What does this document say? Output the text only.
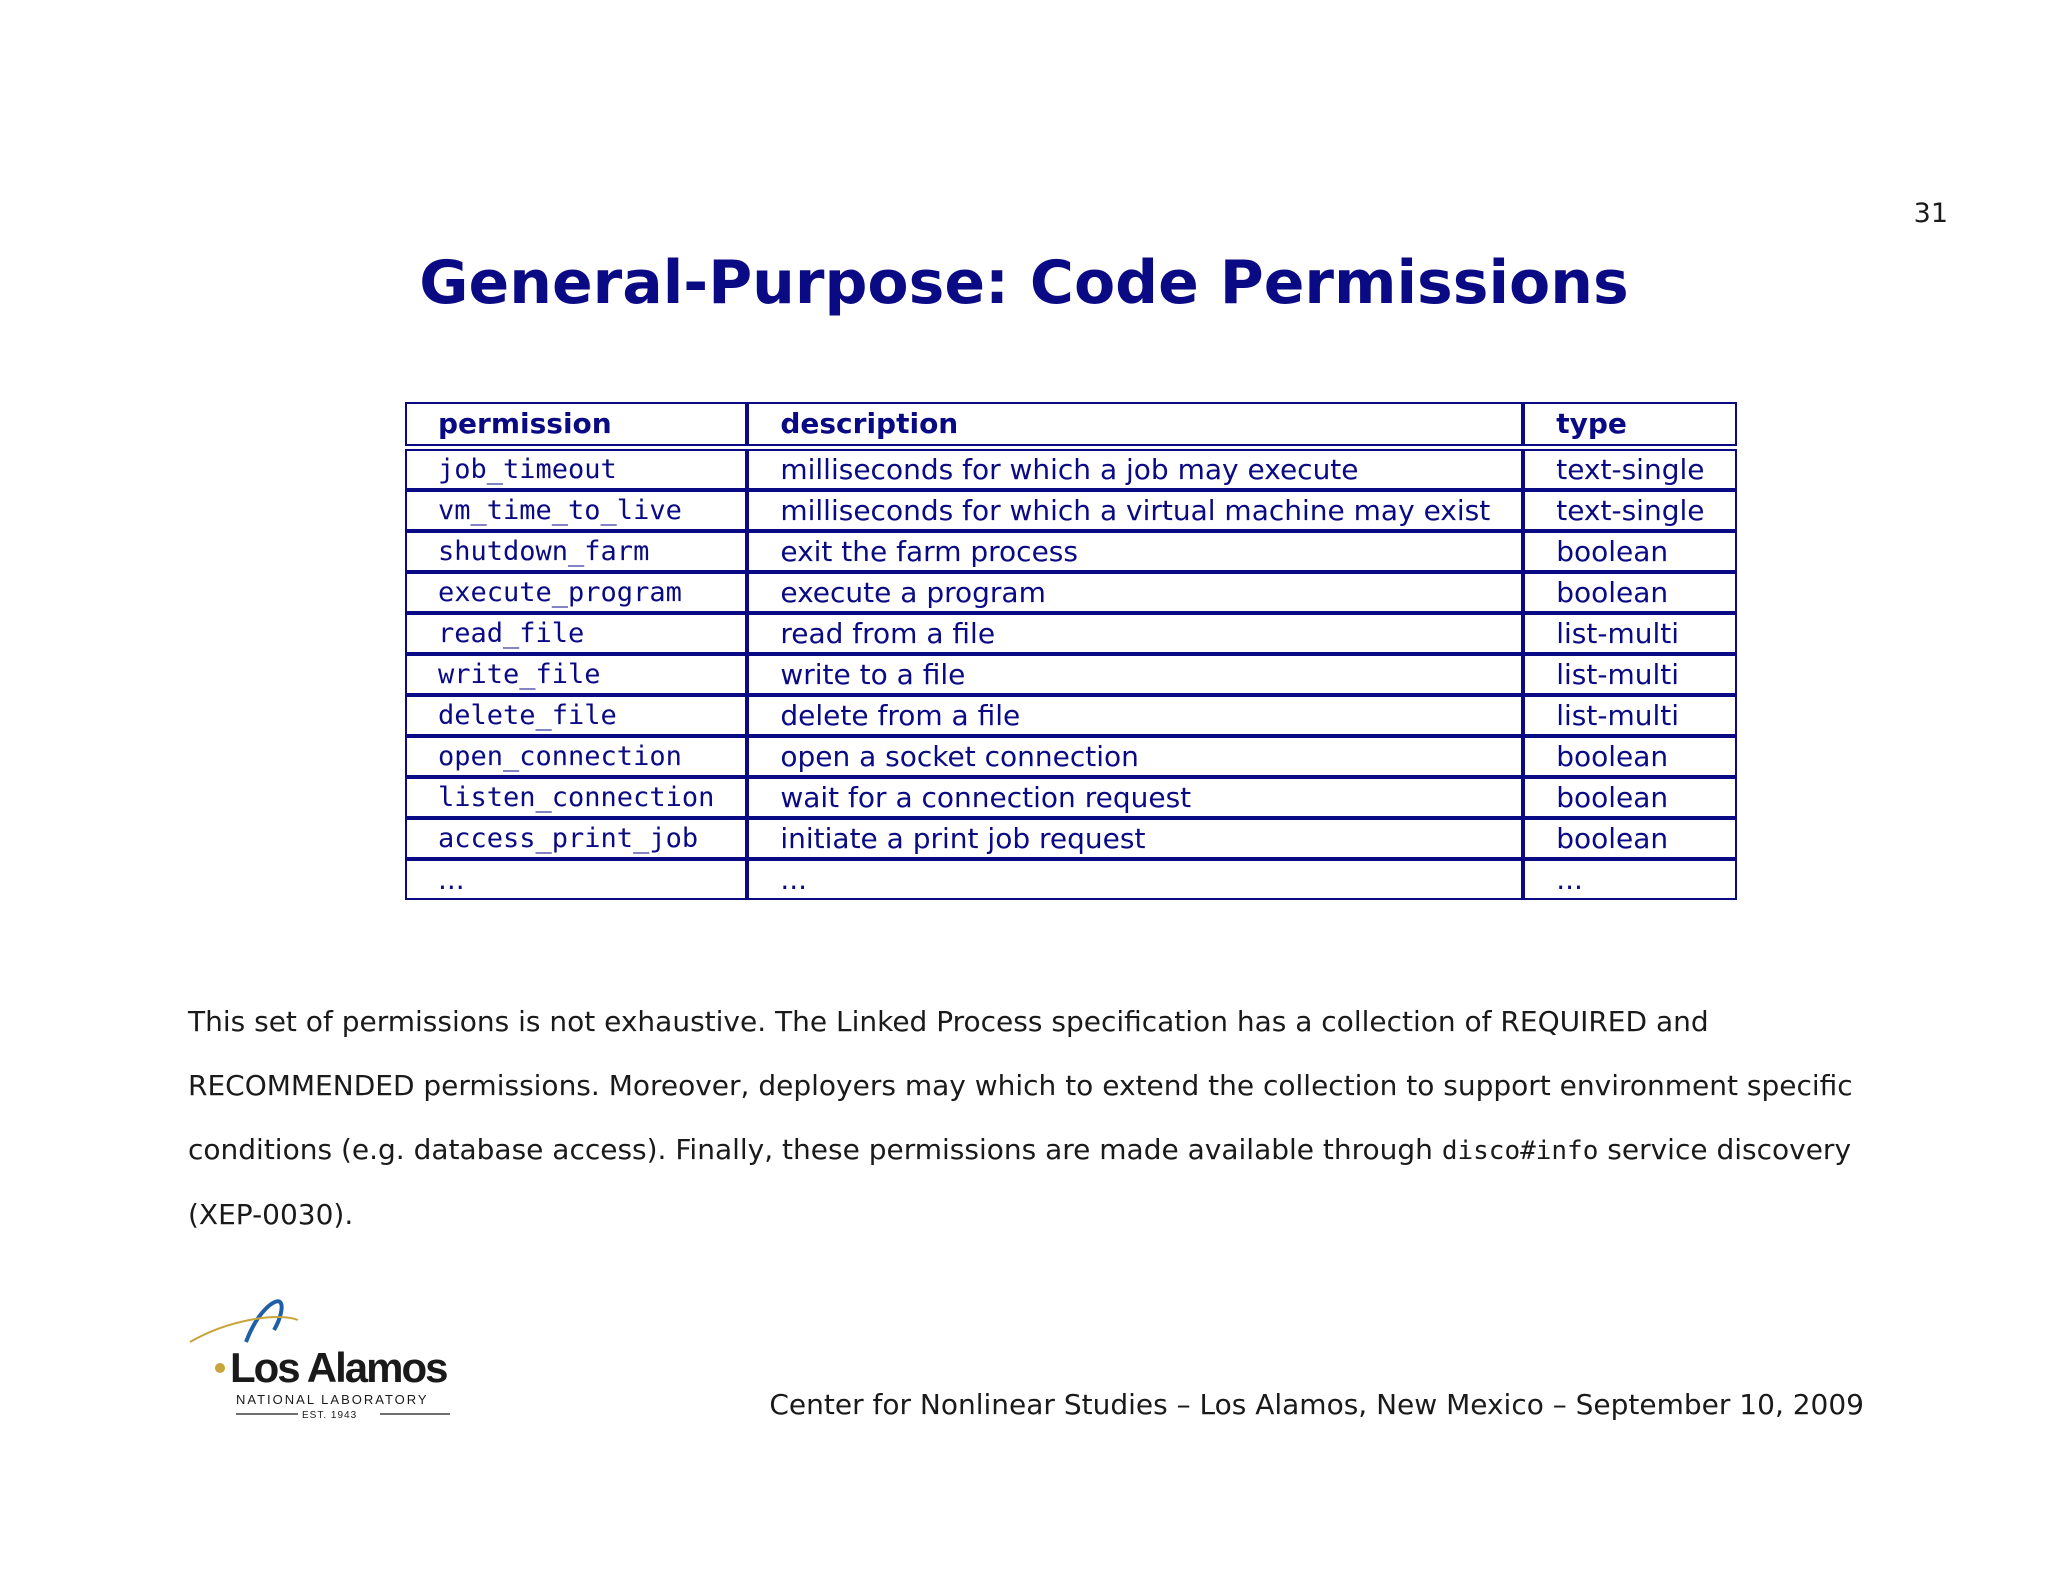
31
General-Purpose: Code Permissions
permission	description	type

job_timeout	milliseconds for which a job may execute	text-single
vm_time_to_live	milliseconds for which a virtual machine may exist	text-single
shutdown_farm	exit the farm process	boolean
execute_program	execute a program	boolean
read_file	read from a file	list-multi
write_file	write to a file	list-multi
delete_file	delete from a file	list-multi
open_connection	open a socket connection	boolean
listen_connection	wait for a connection request	boolean
access_print_job	initiate a print job request	boolean
...	...	...

This set of permissions is not exhaustive. The Linked Process specification has a collection of REQUIRED and RECOMMENDED permissions. Moreover, deployers may which to extend the collection to support environment specific conditions (e.g. database access). Finally, these permissions are made available through disco#info service discovery (XEP-0030).

Los Alamos
NATIONAL LABORATORY
EST. 1943	Center for Nonlinear Studies – Los Alamos, New Mexico – September 10, 2009
